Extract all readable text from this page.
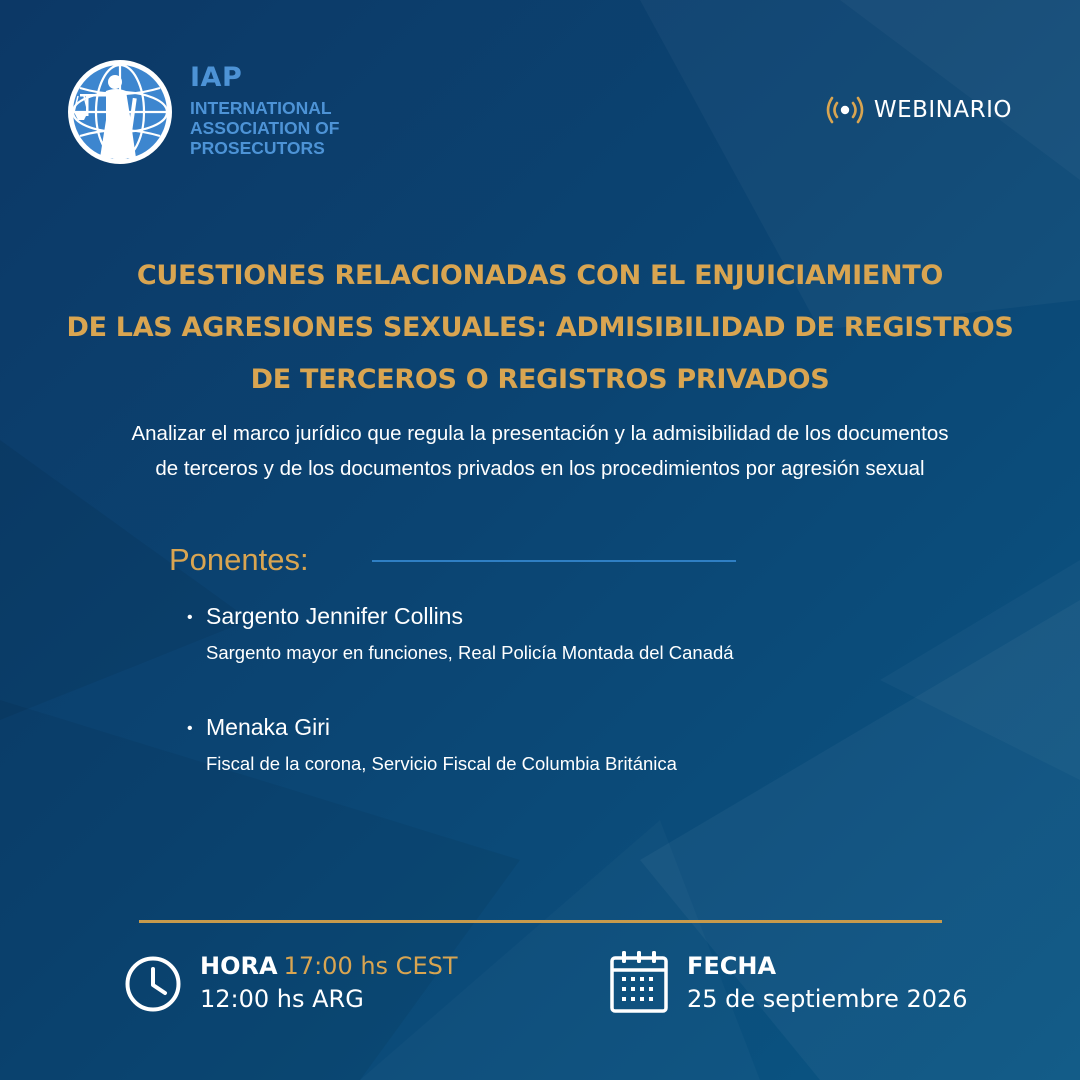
IAP
INTERNATIONAL
ASSOCIATION OF
PROSECUTORS
WEBINARIO
CUESTIONES RELACIONADAS CON EL ENJUICIAMIENTO
DE LAS AGRESIONES SEXUALES: ADMISIBILIDAD DE REGISTROS
DE TERCEROS O REGISTROS PRIVADOS
Analizar el marco jurídico que regula la presentación y la admisibilidad de los documentos
de terceros y de los documentos privados en los procedimientos por agresión sexual
Ponentes:
• Sargento Jennifer Collins
Sargento mayor en funciones, Real Policía Montada del Canadá
• Menaka Giri
Fiscal de la corona, Servicio Fiscal de Columbia Británica
HORA 17:00 hs CEST
12:00 hs ARG
FECHA
25 de septiembre 2026
